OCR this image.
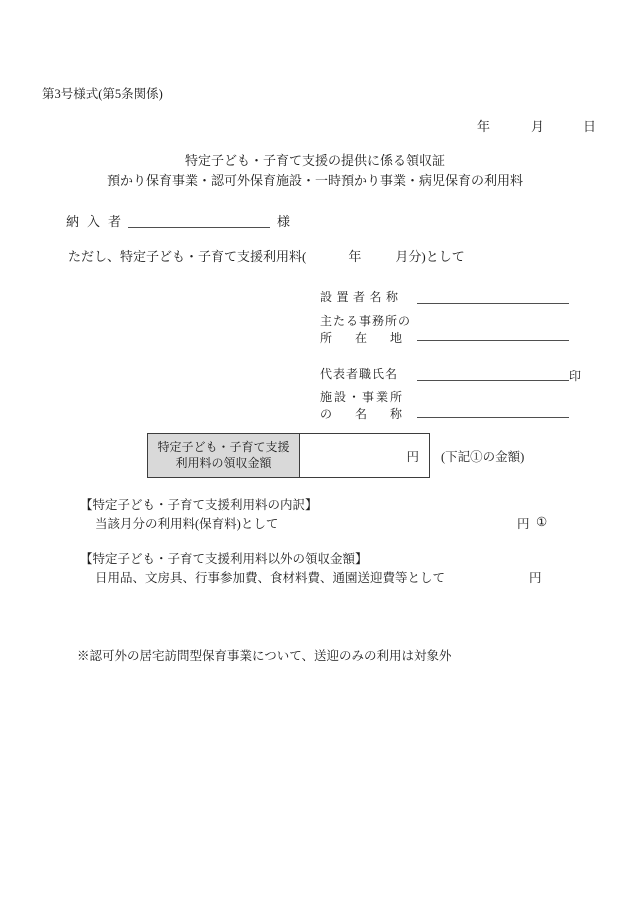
第3号様式(第5条関係)
年	月	日
特定子ども・子育て支援の提供に係る領収証
預かり保育事業・認可外保育施設・一時預かり事業・病児保育の利用料
納入者	様
ただし、特定子ども・子育て支援利用料(	年	月分)として
設置者名称
主たる事務所の
所在地
代表者職氏名	印
施設・事業所
の名称
特定子ども・子育て支援
利用料の領収金額	円 (下記①の金額)
【特定子ども・子育て支援利用料の内訳】
当該月分の利用料(保育料)として	円 ①
【特定子ども・子育て支援利用料以外の領収金額】
日用品、文房具、行事参加費、食材料費、通園送迎費等として	円
※認可外の居宅訪問型保育事業について、送迎のみの利用は対象外
